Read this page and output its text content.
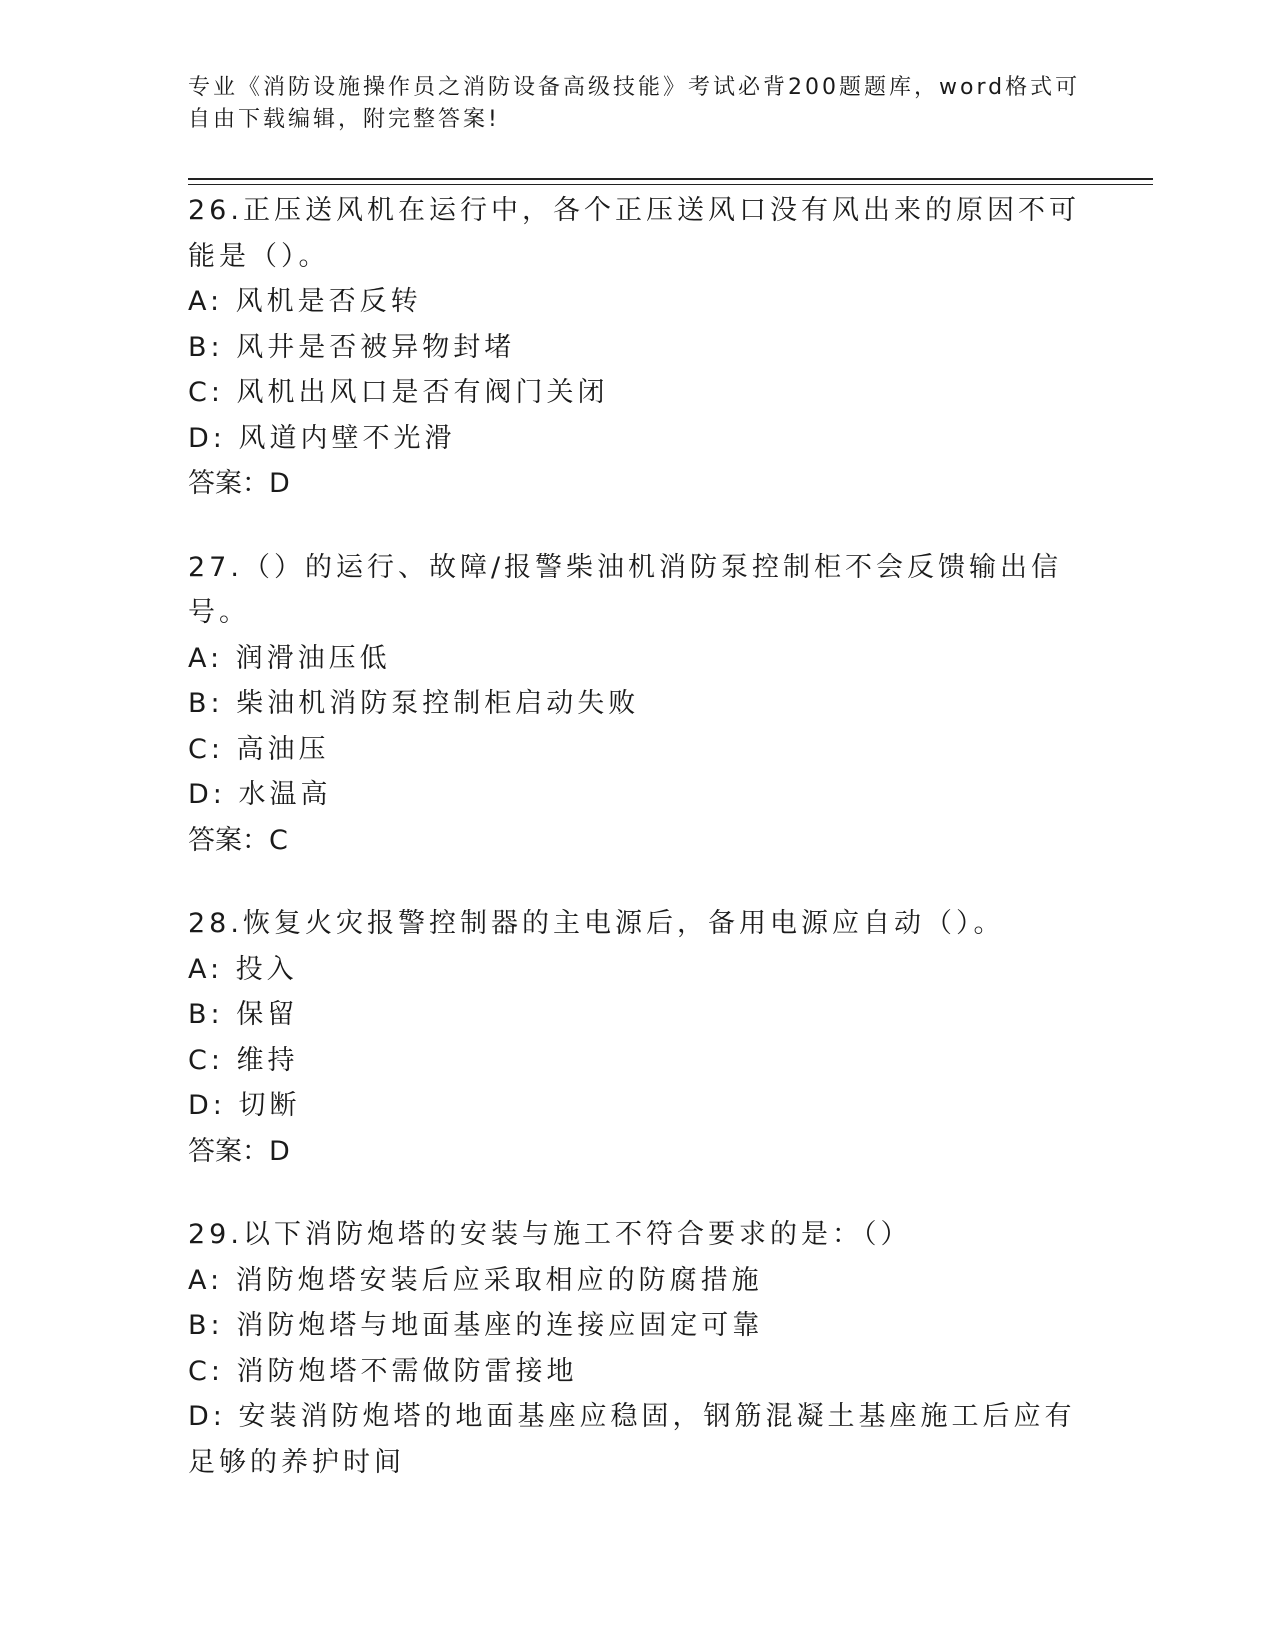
专业《消防设施操作员之消防设备高级技能》考试必背200题题库，word格式可自由下载编辑，附完整答案!
26.正压送风机在运行中，各个正压送风口没有风出来的原因不可能是（）。
A: 风机是否反转
B: 风井是否被异物封堵
C: 风机出风口是否有阀门关闭
D: 风道内壁不光滑
答案：D
27.（）的运行、故障/报警柴油机消防泵控制柜不会反馈输出信号。
A: 润滑油压低
B: 柴油机消防泵控制柜启动失败
C: 高油压
D: 水温高
答案：C
28.恢复火灾报警控制器的主电源后，备用电源应自动（）。
A: 投入
B: 保留
C: 维持
D: 切断
答案：D
29.以下消防炮塔的安装与施工不符合要求的是：（）
A: 消防炮塔安装后应采取相应的防腐措施
B: 消防炮塔与地面基座的连接应固定可靠
C: 消防炮塔不需做防雷接地
D: 安装消防炮塔的地面基座应稳固，钢筋混凝土基座施工后应有足够的养护时间
